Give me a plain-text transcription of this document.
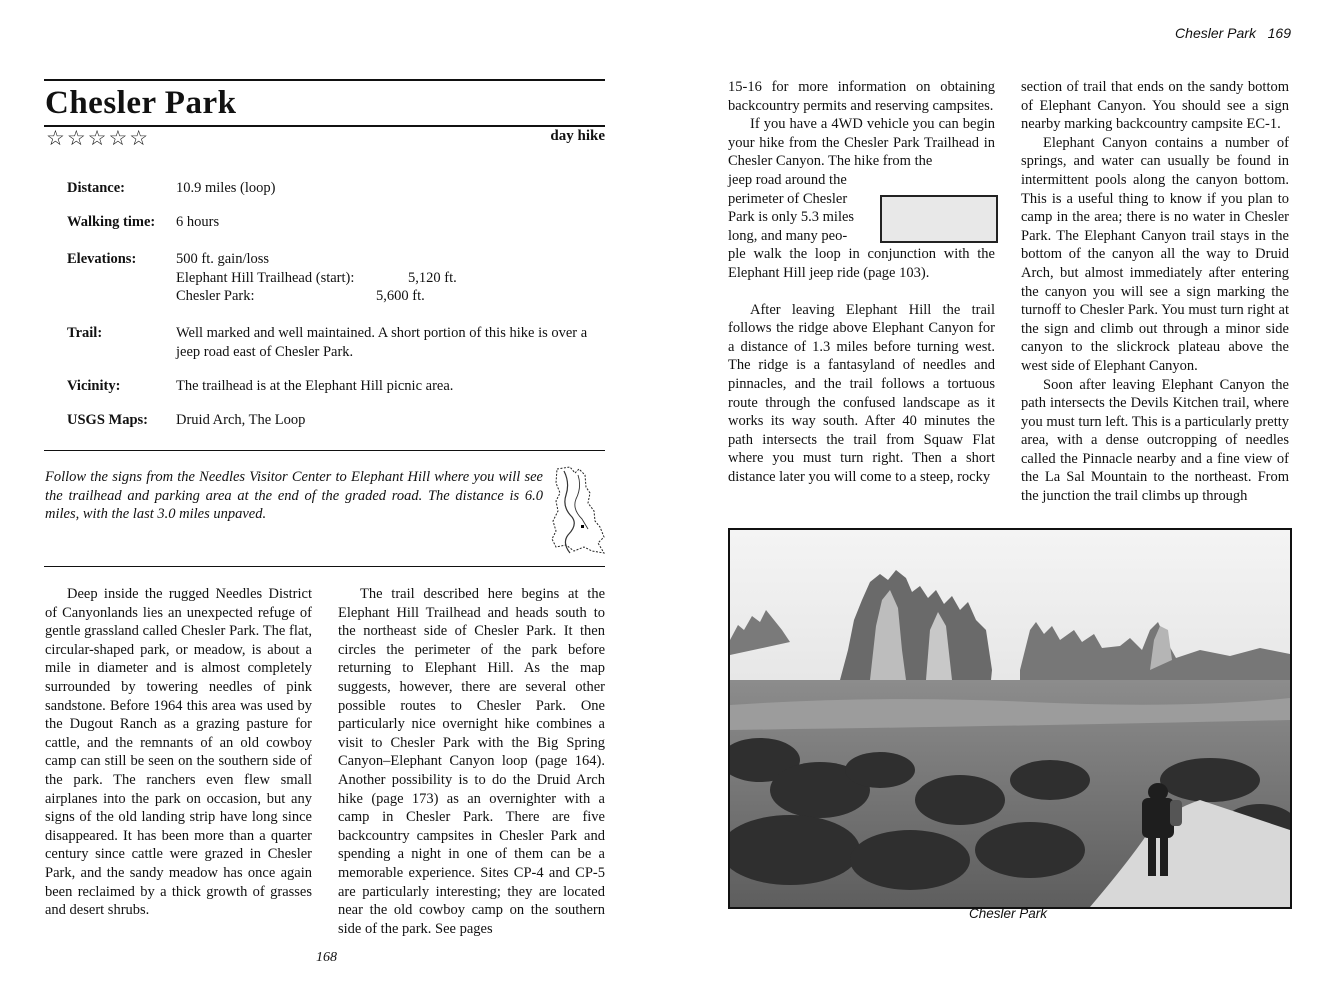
Chesler Park
☆☆☆☆☆	day hike
Distance:	10.9 miles (loop)
Walking time: 6 hours
Elevations:	500 ft. gain/loss
Elephant Hill Trailhead (start):	5,120 ft.
Chesler Park:	5,600 ft.
Trail:	Well marked and well maintained. A short portion of this hike is over a jeep road east of Chesler Park.
Vicinity:	The trailhead is at the Elephant Hill picnic area.
USGS Maps: Druid Arch, The Loop
Follow the signs from the Needles Visitor Center to Elephant Hill where you will see the trailhead and parking area at the end of the graded road. The distance is 6.0 miles, with the last 3.0 miles unpaved.

Deep inside the rugged Needles District of Canyonlands lies an unexpected refuge of gentle grassland called Chesler Park. The flat, circular-shaped park, or meadow, is about a mile in diameter and is almost completely surrounded by towering needles of pink sandstone. Before 1964 this area was used by the Dugout Ranch as a grazing pasture for cattle, and the remnants of an old cowboy camp can still be seen on the southern side of the park. The ranchers even flew small airplanes into the park on occasion, but any signs of the old landing strip have long since disappeared. It has been more than a quarter century since cattle were grazed in Chesler Park, and the sandy meadow has once again been reclaimed by a thick growth of grasses and desert shrubs.

The trail described here begins at the Elephant Hill Trailhead and heads south to the northeast side of Chesler Park. It then circles the perimeter of the park before returning to Elephant Hill. As the map suggests, however, there are several other possible routes to Chesler Park. One particularly nice overnight hike combines a visit to Chesler Park with the Big Spring Canyon–Elephant Canyon loop (page 164). Another possibility is to do the Druid Arch hike (page 173) as an overnighter with a camp in Chesler Park. There are five backcountry campsites in Chesler Park and spending a night in one of them can be a memorable experience. Sites CP-4 and CP-5 are particularly interesting; they are located near the old cowboy camp on the southern side of the park. See pages

168
Chesler Park   169

15-16 for more information on obtaining backcountry permits and reserving campsites.

If you have a 4WD vehicle you can begin your hike from the Chesler Park Trailhead in Chesler Canyon. The hike from the

jeep road around the perimeter of Chesler Park is only 5.3 miles long, and many peo-

ple walk the loop in conjunction with the Elephant Hill jeep ride (page 103).

After leaving Elephant Hill the trail follows the ridge above Elephant Canyon for a distance of 1.3 miles before turning west. The ridge is a fantasyland of needles and pinnacles, and the trail follows a tortuous route through the confused landscape as it works its way south. After 40 minutes the path intersects the trail from Squaw Flat where you must turn right. Then a short distance later you will come to a steep, rocky

section of trail that ends on the sandy bottom of Elephant Canyon. You should see a sign nearby marking backcountry campsite EC-1.

Elephant Canyon contains a number of springs, and water can usually be found in intermittent pools along the canyon bottom. This is a useful thing to know if you plan to camp in the area; there is no water in Chesler Park. The Elephant Canyon trail stays in the bottom of the canyon all the way to Druid Arch, but almost immediately after entering the canyon you will see a sign marking the turnoff to Chesler Park. You must turn right at the sign and climb out through a minor side canyon to the slickrock plateau above the west side of Elephant Canyon.

Soon after leaving Elephant Canyon the path intersects the Devils Kitchen trail, where you must turn left. This is a particularly pretty area, with a dense outcropping of needles called the Pinnacle nearby and a fine view of the La Sal Mountain to the northeast. From the junction the trail climbs up through

Chesler Park
